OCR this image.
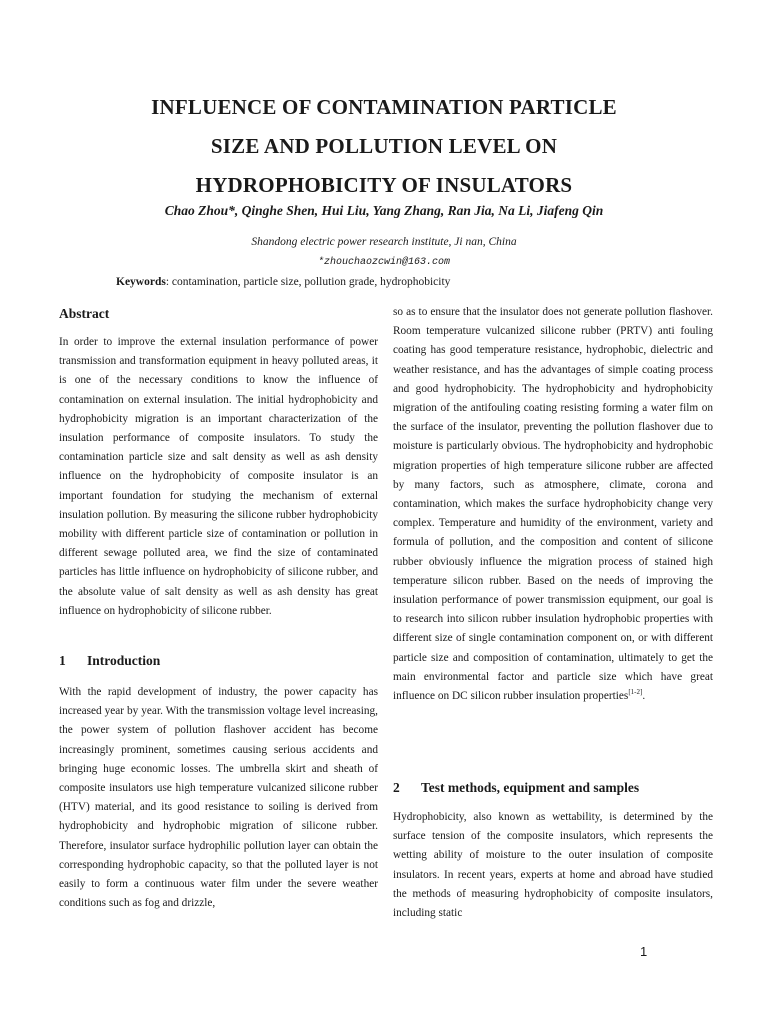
INFLUENCE OF CONTAMINATION PARTICLE
SIZE AND POLLUTION LEVEL ON
HYDROPHOBICITY OF INSULATORS
Chao Zhou*, Qinghe Shen, Hui Liu, Yang Zhang, Ran Jia, Na Li, Jiafeng Qin
Shandong electric power research institute, Ji nan, China
*zhouchaozcwin@163.com
Keywords: contamination, particle size, pollution grade, hydrophobicity
Abstract

In order to improve the external insulation performance of power transmission and transformation equipment in heavy polluted areas, it is one of the necessary conditions to know the influence of contamination on external insulation. The initial hydrophobicity and hydrophobicity migration is an important characterization of the insulation performance of composite insulators. To study the contamination particle size and salt density as well as ash density influence on the hydrophobicity of composite insulator is an important foundation for studying the mechanism of external insulation pollution. By measuring the silicone rubber hydrophobicity mobility with different particle size of contamination or pollution in different sewage polluted area, we find the size of contaminated particles has little influence on hydrophobicity of silicone rubber, and the absolute value of salt density as well as ash density has great influence on hydrophobicity of silicone rubber.

1 Introduction

With the rapid development of industry, the power capacity has increased year by year. With the transmission voltage level increasing, the power system of pollution flashover accident has become increasingly prominent, sometimes causing serious accidents and bringing huge economic losses. The umbrella skirt and sheath of composite insulators use high temperature vulcanized silicone rubber (HTV) material, and its good resistance to soiling is derived from hydrophobicity and hydrophobic migration of silicone rubber. Therefore, insulator surface hydrophilic pollution layer can obtain the corresponding hydrophobic capacity, so that the polluted layer is not easily to form a continuous water film under the severe weather conditions such as fog and drizzle,

so as to ensure that the insulator does not generate pollution flashover. Room temperature vulcanized silicone rubber (PRTV) anti fouling coating has good temperature resistance, hydrophobic, dielectric and weather resistance, and has the advantages of simple coating process and good hydrophobicity. The hydrophobicity and hydrophobicity migration of the antifouling coating resisting forming a water film on the surface of the insulator, preventing the pollution flashover due to moisture is particularly obvious. The hydrophobicity and hydrophobic migration properties of high temperature silicone rubber are affected by many factors, such as atmosphere, climate, corona and contamination, which makes the surface hydrophobicity change very complex. Temperature and humidity of the environment, variety and formula of pollution, and the composition and content of silicone rubber obviously influence the migration process of stained high temperature silicon rubber. Based on the needs of improving the insulation performance of power transmission equipment, our goal is to research into silicon rubber insulation hydrophobic properties with different size of single contamination component on, or with different particle size and composition of contamination, ultimately to get the main environmental factor and particle size which have great influence on DC silicon rubber insulation properties[1-2].

2 Test methods, equipment and samples

Hydrophobicity, also known as wettability, is determined by the surface tension of the composite insulators, which represents the wetting ability of moisture to the outer insulation of composite insulators. In recent years, experts at home and abroad have studied the methods of measuring hydrophobicity of composite insulators, including static

1
